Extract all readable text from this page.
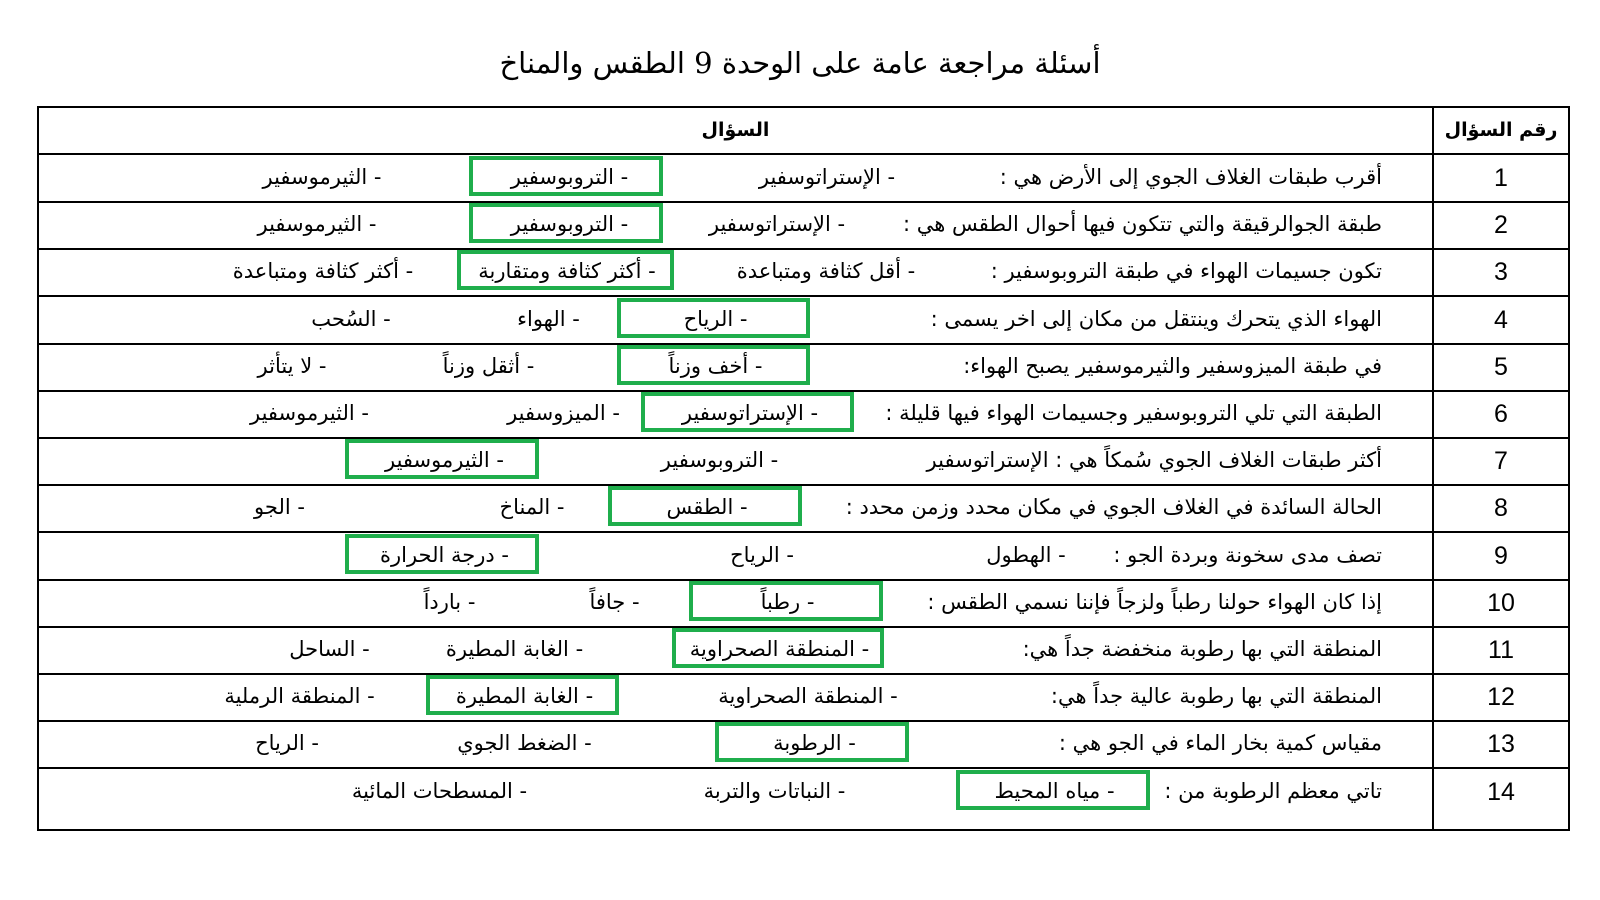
أسئلة مراجعة عامة على الوحدة 9 الطقس والمناخ
رقم السؤال
السؤال
1
أقرب طبقات الغلاف الجوي إلى الأرض هي :
- الإستراتوسفير
- التروبوسفير
- الثيرموسفير
2
طبقة الجوالرقيقة والتي تتكون فيها أحوال الطقس هي :
- الإستراتوسفير
- التروبوسفير
- الثيرموسفير
3
تكون جسيمات الهواء في طبقة التروبوسفير :
- أقل كثافة ومتباعدة
- أكثر كثافة ومتقاربة
- أكثر كثافة ومتباعدة
4
الهواء الذي يتحرك وينتقل من مكان إلى اخر يسمى :
- الرياح
- الهواء
- السُحب
5
في طبقة الميزوسفير والثيرموسفير يصبح الهواء:
- أخف وزناً
- أثقل وزناً
- لا يتأثر
6
الطبقة التي تلي التروبوسفير وجسيمات الهواء فيها قليلة :
- الإستراتوسفير
- الميزوسفير
- الثيرموسفير
7
أكثر طبقات الغلاف الجوي سُمكاً هي : الإستراتوسفير
- التروبوسفير
- الثيرموسفير
8
الحالة السائدة في الغلاف الجوي في مكان محدد وزمن محدد :
- الطقس
- المناخ
- الجو
9
تصف مدى سخونة وبردة الجو :
- الهطول
- الرياح
- درجة الحرارة
10
إذا كان الهواء حولنا رطباً ولزجاً فإننا نسمي الطقس :
- رطباً
- جافاً
- بارداً
11
المنطقة التي بها رطوبة منخفضة جداً هي:
- المنطقة الصحراوية
- الغابة المطيرة
- الساحل
12
المنطقة التي بها رطوبة عالية جداً هي:
- المنطقة الصحراوية
- الغابة المطيرة
- المنطقة الرملية
13
مقياس كمية بخار الماء في الجو هي :
- الرطوبة
- الضغط الجوي
- الرياح
14
تاتي معظم الرطوبة من :
- مياه المحيط
- النباتات والتربة
- المسطحات المائية
